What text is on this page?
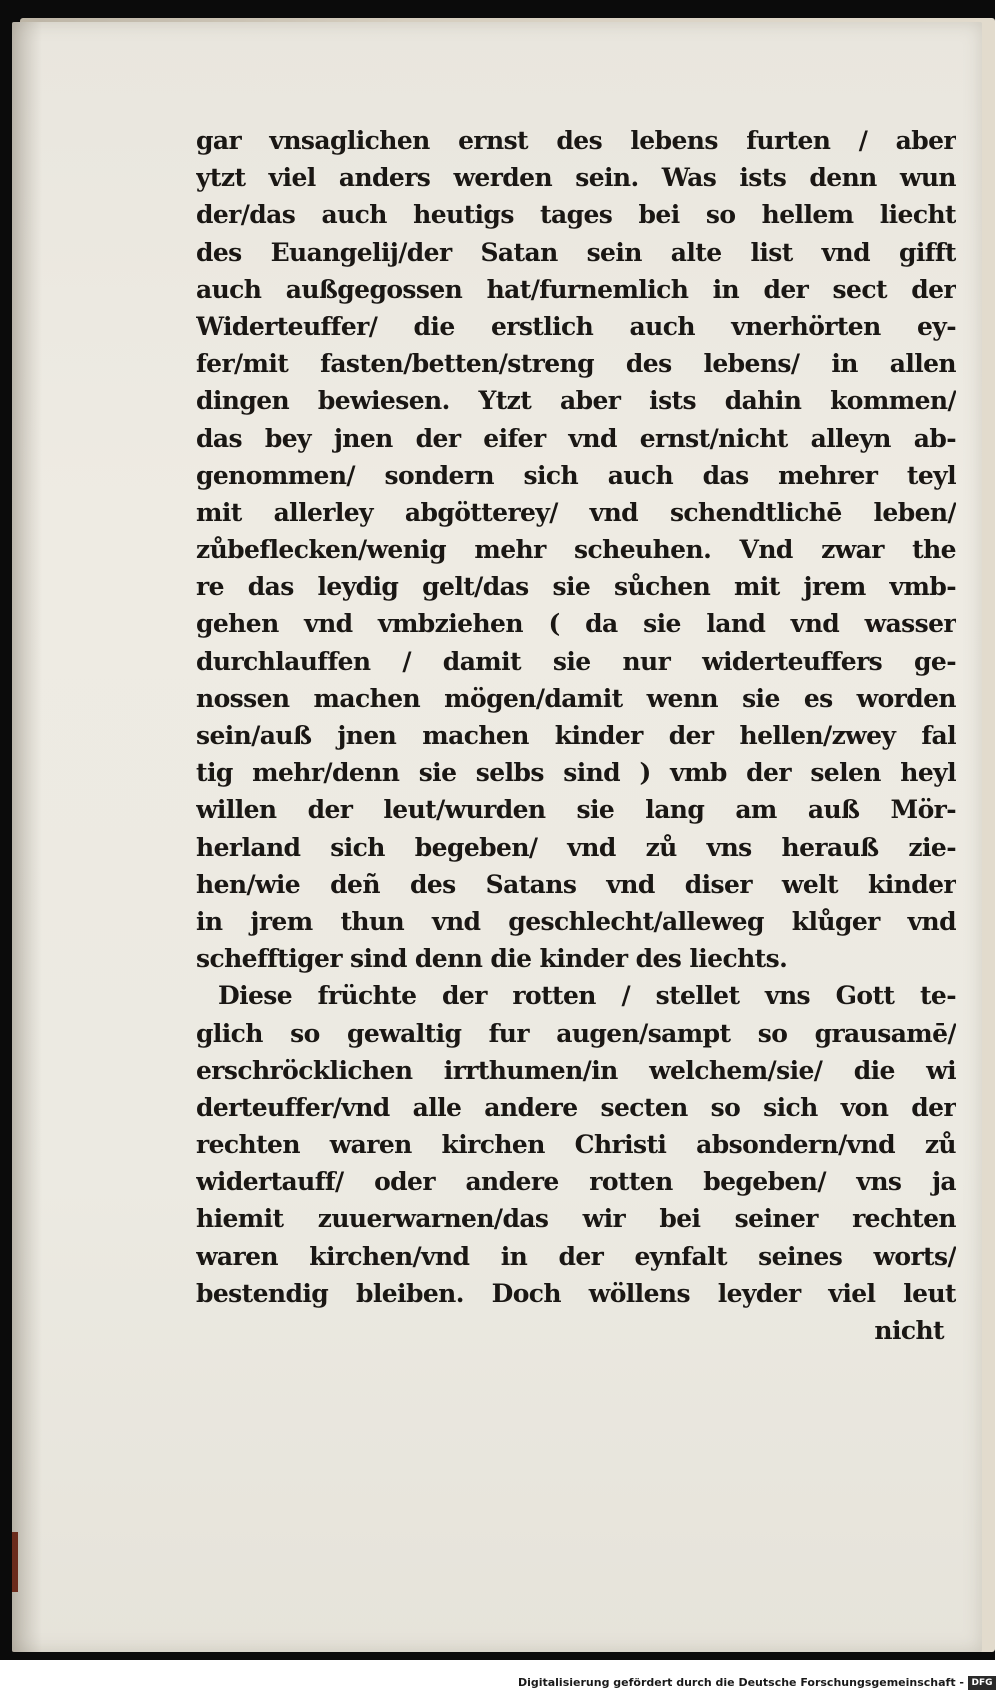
gar vnsaglichen ernst des lebens furten / aber
ytzt viel anders werden sein. Was ists denn wun
der/das auch heutigs tages bei so hellem liecht
des Euangelij/der Satan sein alte list vnd gifft
auch außgegossen hat/furnemlich in der sect der
Widerteuffer/ die erstlich auch vnerhörten ey-
fer/mit fasten/betten/streng des lebens/ in allen
dingen bewiesen. Ytzt aber ists dahin kommen/
das bey jnen der eifer vnd ernst/nicht alleyn ab-
genommen/ sondern sich auch das mehrer teyl
mit allerley abgötterey/ vnd schendtlichē leben/
zůbeflecken/wenig mehr scheuhen. Vnd zwar the
re das leydig gelt/das sie sůchen mit jrem vmb-
gehen vnd vmbziehen ( da sie land vnd wasser
durchlauffen / damit sie nur widerteuffers ge-
nossen machen mögen/damit wenn sie es worden
sein/auß jnen machen kinder der hellen/zwey fal
tig mehr/denn sie selbs sind ) vmb der selen heyl
willen der leut/wurden sie lang am auß Mör-
herland sich begeben/ vnd zů vns herauß zie-
hen/wie deñ des Satans vnd diser welt kinder
in jrem thun vnd geschlecht/alleweg klůger vnd
schefftiger sind denn die kinder des liechts.
Diese früchte der rotten / stellet vns Gott te-
glich so gewaltig fur augen/sampt so grausamē/
erschröcklichen irrthumen/in welchem/sie/ die wi
derteuffer/vnd alle andere secten so sich von der
rechten waren kirchen Christi absondern/vnd zů
widertauff/ oder andere rotten begeben/ vns ja
hiemit zuuerwarnen/das wir bei seiner rechten
waren kirchen/vnd in der eynfalt seines worts/
bestendig bleiben. Doch wöllens leyder viel leut
nicht
Digitalisierung gefördert durch die Deutsche Forschungsgemeinschaft - DFG
